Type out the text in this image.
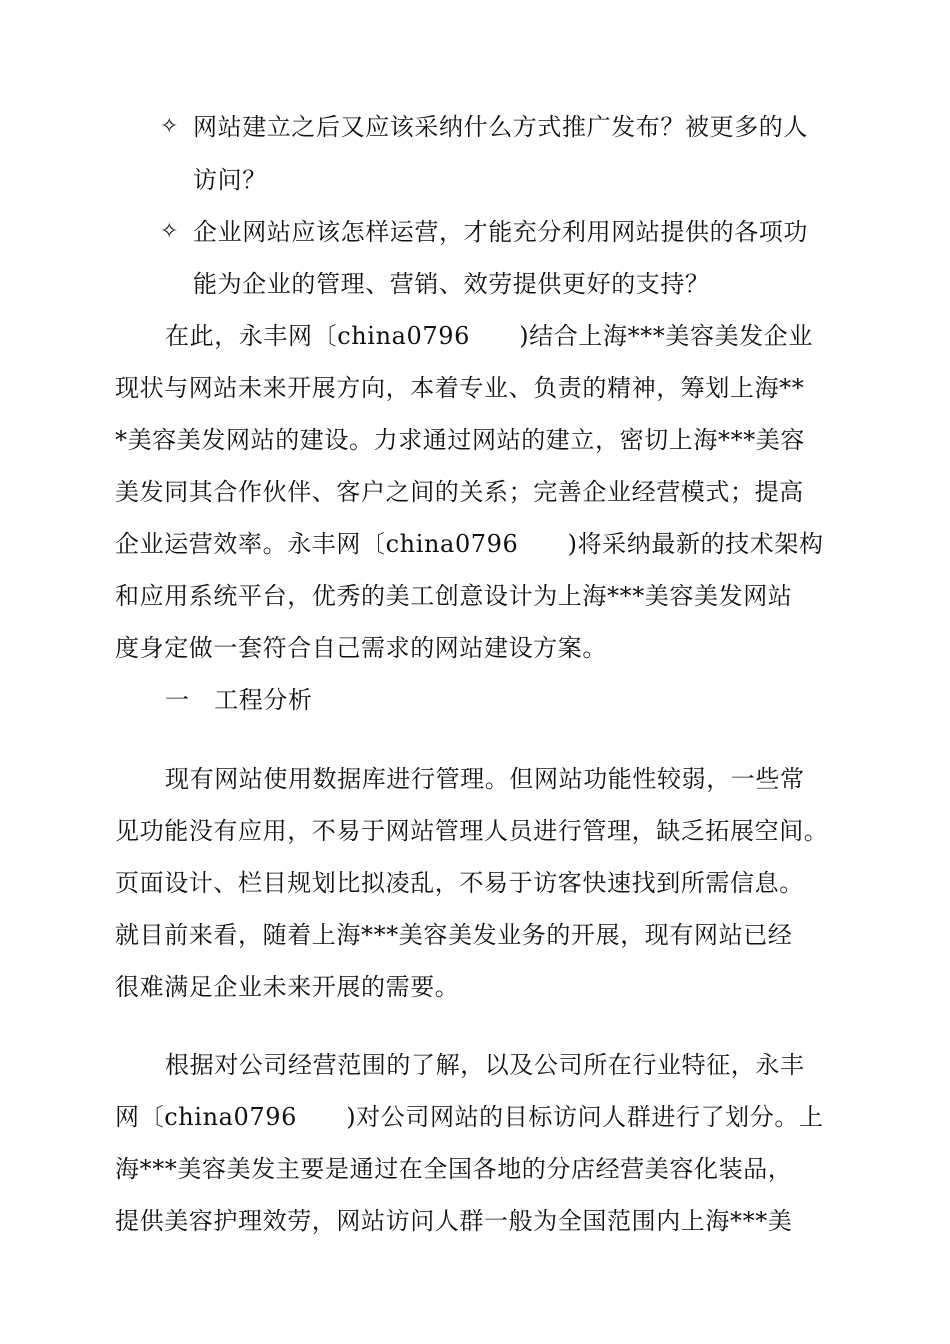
✧ 网站建立之后又应该采纳什么方式推广发布？被更多的人
访问？
✧ 企业网站应该怎样运营，才能充分利用网站提供的各项功
能为企业的管理、营销、效劳提供更好的支持？
在此，永丰网〔china0796　　)结合上海***美容美发企业
现状与网站未来开展方向，本着专业、负责的精神，筹划上海**
*美容美发网站的建设。力求通过网站的建立，密切上海***美容
美发同其合作伙伴、客户之间的关系；完善企业经营模式；提高
企业运营效率。永丰网〔china0796　　)将采纳最新的技术架构
和应用系统平台，优秀的美工创意设计为上海***美容美发网站
度身定做一套符合自己需求的网站建设方案。
一　工程分析
现有网站使用数据库进行管理。但网站功能性较弱，一些常
见功能没有应用，不易于网站管理人员进行管理，缺乏拓展空间。
页面设计、栏目规划比拟凌乱，不易于访客快速找到所需信息。
就目前来看，随着上海***美容美发业务的开展，现有网站已经
很难满足企业未来开展的需要。
根据对公司经营范围的了解，以及公司所在行业特征，永丰
网〔china0796　　)对公司网站的目标访问人群进行了划分。上
海***美容美发主要是通过在全国各地的分店经营美容化装品，
提供美容护理效劳，网站访问人群一般为全国范围内上海***美
